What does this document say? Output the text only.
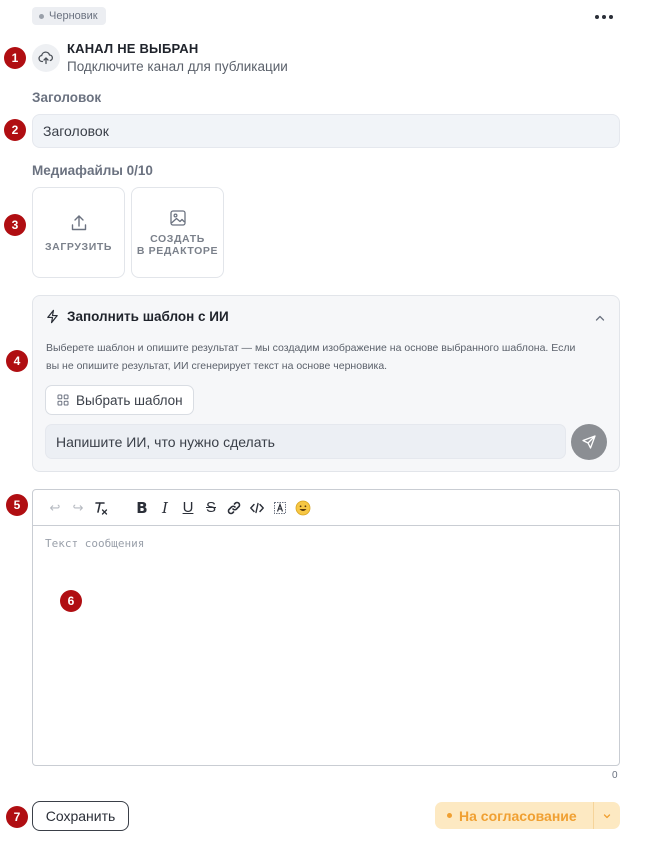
Черновик
1
КАНАЛ НЕ ВЫБРАН
Подключите канал для публикации
Заголовок
2
Заголовок
Медиафайлы 0/10
3
ЗАГРУЗИТЬ
СОЗДАТЬ
В РЕДАКТОРЕ
4
Заполнить шаблон с ИИ
Выберете шаблон и опишите результат — мы создадим изображение на основе выбранного шаблона. Если вы не опишите результат, ИИ сгенерирует текст на основе черновика.
Выбрать шаблон
Напишите ИИ, что нужно сделать
5	↩ ↪	B I U S
Текст сообщения
6
0
7	Сохранить	На согласование
